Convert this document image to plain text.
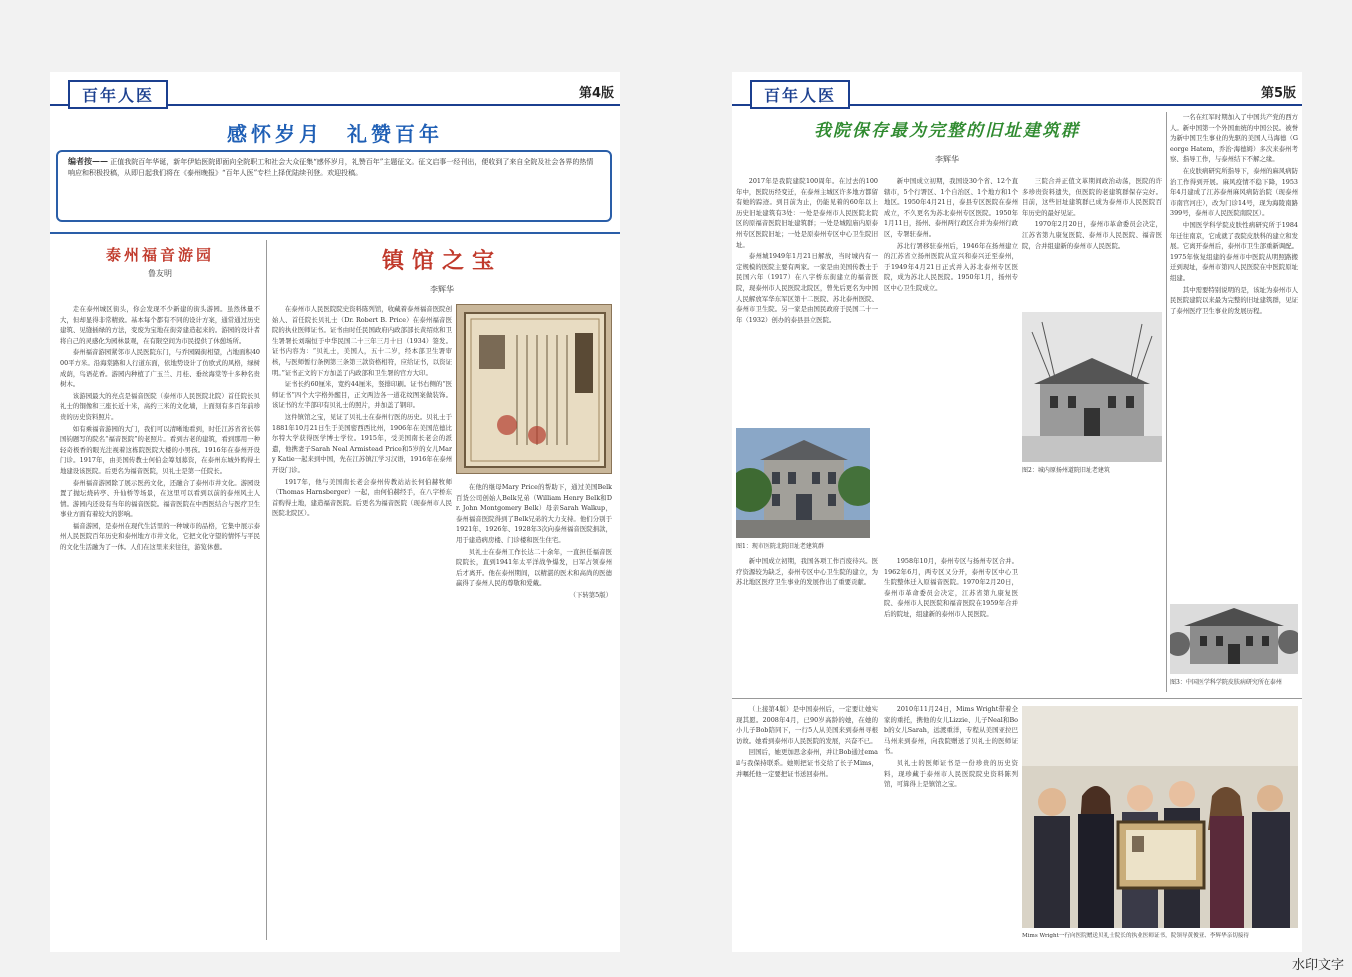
百年人医	第4版
感怀岁月　礼赞百年
编者按—— 正值我院百年华诞，新年伊始医院即面向全院职工和社会大众征集“感怀岁月，礼赞百年”主题征文。征文启事一经刊出，便收到了来自全院及社会各界的热情响应和积极投稿，从即日起我们将在《泰州晚报》“百年人医”专栏上择优陆续刊登。欢迎投稿。
泰州福音游园
鲁友明

走在泰州城区街头，你会发现不少新建的街头游园。虽然体量不大，但却显得非常精致。基本每个都有不同的设计方案，通常通过历史建筑、见缝插绿的方法，变废为宝地在街旁建造起来的。游园的设计者将自己的灵感化为园林景观，在有限空间为市民提供了休憩场所。

泰州福音游园紧邻市人民医院东门，与乔园隔街相望，占地面积4000平方米。沿海棠路和人行道东面，依地势设计了仿欧式的风格，绿树成荫，鸟语花香。游园内种植了广玉兰、月桂、垂丝海棠等十多种名贵树木。

该游园最大的亮点是福音医院（泰州市人民医院北院）首任院长贝礼士的铜像和三座长近十米，高约三米的文化墙，上面刻有多百年前珍贵的历史资料照片。

如有乘福音游园的大门，我们可以清晰地看到，时任江苏省省长韩国钧题写的院名“福音医院”的老照片。看到古老的建筑，看到那用一种轻奇极香的眼光注视着这栋院医院大楼的小男孩。1916年在泰州开设门诊。1917年，由美国传教士何伯金筹划募资，在泰州东城外购得土地建设该医院。后更名为福音医院，贝礼士是第一任院长。

泰州福音游园除了展示医药文化，还融合了泰州市井文化。游园设置了抛坛烧砖亭、升仙桥等场景，在这里可以看到以前的泰州风土人情。游园内还设有当年的福音医院。福音医院在中西医结合与医疗卫生事业方面有着较大的影响。

福音游园，是泰州在现代生活里的一种城市的品格，它集中展示泰州人民医院百年历史和泰州地方市井文化，它把文化守望的情怀与平民的文化生活融为了一体。人们在这里来来往往，游览休憩。

镇馆之宝
李辉华

在泰州市人民医院院史资料陈列馆，收藏着泰州福音医院创始人、首任院长贝礼士（Dr. Robert B. Price）在泰州福音医院的执业医师证书。证书由时任民国政府内政部部长黄绍竑和卫生署署长刘瑞恒于中华民国二十三年三月十日（1934）签发。证书内容为：“贝礼士，美国人，五十二岁，经本部卫生署审核，与医师暂行条例第三条第三款资格相符，应给证书，以资证明。”证书正文的下方加盖了内政部和卫生署的官方大印。

证书长约60厘米，宽约44厘米，竖排印刷。证书右侧的“医师证书”四个大字格外醒目，正文两边各一道花纹图案做装饰。该证书的左半部印有贝礼士的照片，并加盖了钢印。

这件镇馆之宝，见证了贝礼士在泰州行医的历史。贝礼士于1881年10月21日生于美国密西西比州，1906年在美国范德比尔特大学获得医学博士学位。1915年，受美国南长老会的派遣，他携妻子Sarah Neal Armistead Price和5岁的女儿Mary Katie一起来到中国，先在江苏镇江学习汉语，1916年在泰州开设门诊。

1917年，他与美国南长老会泰州传教站站长何伯赫牧师（Thomas Harnsberger）一起，由何伯赫经手，在八字桥东首购得土地，建造福音医院。后更名为福音医院（现泰州市人民医院北院区）。

在他的继母Mary Price的帮助下，通过美国Belk百货公司创始人Belk兄弟（William Henry Belk和Dr. John Montgomery Belk）母亲Sarah Walkup，泰州福音医院得到了Belk兄弟的大力支持。他们分别于1921年、1926年、1928年3次向泰州福音医院捐款，用于建造病房楼、门诊楼和医生住宅。

贝礼士在泰州工作长达二十余年，一直担任福音医院院长，直到1941年太平洋战争爆发，日军占领泰州后才离开。他在泰州期间，以精湛的医术和高尚的医德赢得了泰州人民的尊敬和爱戴。

（下转第5版）

百年人医	第5版
我院保存最为完整的旧址建筑群
李辉华

2017年是我院建院100周年。在过去的100年中，医院历经变迁，在泰州主城区许多地方都留有她的踪迹。到目前为止，仍能见着的60年以上历史旧址建筑有3处：一处是泰州市人民医院北院区的原福音医院旧址建筑群；一处是城隍庙内原泰州专区医院旧址；一处是原泰州专区中心卫生院旧址。

泰州城1949年1月21日解放，当时城内有一定规模的医院主要有两家。一家是由美国传教士于民国六年（1917）在八字桥东街建立的福音医院，现泰州市人民医院北院区，曾先后更名为中国人民解放军华东军区第十二医院、苏北泰州医院、泰州市卫生院。另一家是由国民政府于民国二十一年（1932）创办的泰县县立医院。

新中国成立初期，我国设30个省、12个直辖市，5个行署区、1个自治区、1个地方和1个地区。1950年4月21日，泰县专区医院在泰州成立，不久更名为苏北泰州专区医院。1950年1月11日，扬州、泰州两行政区合并为泰州行政区，专署驻泰州。

苏北行署移驻泰州后，1946年在扬州建立的江苏省立扬州医院从宜兴和泰兴迁至泰州，于1949年4月21日正式并入苏北泰州专区医院，成为苏北人民医院。1950年1月，扬州专区中心卫生院成立。

图1：现市医院北院旧址老建筑群

新中国成立初期，我国各项工作百废待兴。医疗资源较为缺乏，泰州专区中心卫生院的建立，为苏北地区医疗卫生事业的发展作出了重要贡献。

1958年10月，泰州专区与扬州专区合并。1962年6月，两专区又分开，泰州专区中心卫生院整体迁入原福音医院。1970年2月20日，泰州市革命委员会决定，江苏省第九康复医院、泰州市人民医院和福音医院在1959年合并后的院址，组建新的泰州市人民医院。

三院合并正值文革期间政治动荡，医院的许多珍贵资料遗失，但医院的老建筑群保存完好。目前，这些旧址建筑群已成为泰州市人民医院百年历史的最好见证。

1970年2月20日，泰州市革命委员会决定，江苏省第九康复医院、泰州市人民医院、福音医院，合并组建新的泰州市人民医院。

图2：城内原扬州道院旧址老建筑

一名在红军时期加入了中国共产党的西方人。新中国第一个外国血统的中国公民。被誉为新中国卫生事业的先驱的美国人马海德（George Hatem，乔治·海德姆）多次来泰州考察、指导工作，与泰州结下不解之缘。

在皮肤病研究所指导下，泰州的麻风病防治工作得到开展。麻风疫情不稳下降，1953年4月建成了江苏泰州麻风病防治院（现泰州市南官河庄），改为门诊14号，现为海陵南路399号，泰州市人民医院南院区）。

中国医学科学院皮肤性病研究所于1984年迁往南京，它成就了我院皮肤科的建立和发展。它离开泰州后，泰州市卫生部重新调配。1975年恢复组建的泰州市中医院从明照路搬迁到现址，泰州市第四人民医院在中医院原址组建。

其中需要特别说明的是，该址为泰州市人民医院建院以来最为完整的旧址建筑群，见证了泰州医疗卫生事业的发展历程。

图3：中国医学科学院皮肤病研究所在泰州

（上接第4版）是中国泰州后，一定要让她实现其愿。2008年4月，已90岁高龄的她，在她的小儿子Bob陪同下，一行5人从美国来到泰州寻根访故。她看到泰州市人民医院的发展，兴奋不已。

回国后，她更加思念泰州，并让Bob通过email与我保持联系。她则把证书交给了长子Mims，并嘱托他一定要把证书送回泰州。

2010年11月24日，Mims Wright带着全家的重托，携他的女儿Lizzie、儿子Neal和Bob的女儿Sarah，远渡重洋，专程从美国亚拉巴马州来到泰州，向我院赠送了贝礼士的医师证书。

贝礼士的医师证书是一份珍贵的历史资料，现珍藏于泰州市人民医院院史资料陈列馆，可算得上是镇馆之宝。

Mims Wright一行向医院赠送贝礼士院长的执业医师证书，院领导黄俊亚、李辉华亲切接待
水印文字
